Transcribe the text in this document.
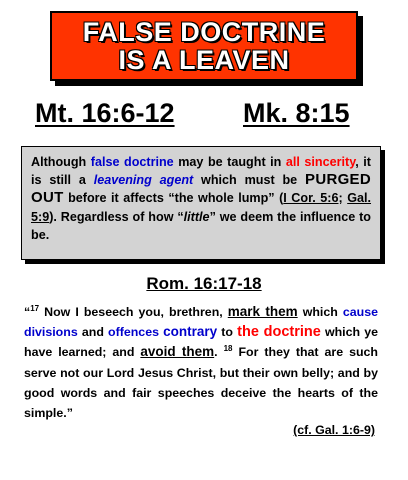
FALSE DOCTRINE
IS A LEAVEN
Mt. 16:6-12	Mk. 8:15
Although false doctrine may be taught in all sincerity, it is still a leavening agent which must be PURGED OUT before it affects “the whole lump” (I Cor. 5:6; Gal. 5:9). Regardless of how “little” we deem the influence to be.
Rom. 16:17-18
“$^{17}$ Now I beseech you, brethren, mark them which cause divisions and offences contrary to the doctrine which ye have learned; and avoid them. $^{18}$ For they that are such serve not our Lord Jesus Christ, but their own belly; and by good words and fair speeches deceive the hearts of the simple.”
(cf. Gal. 1:6-9)
